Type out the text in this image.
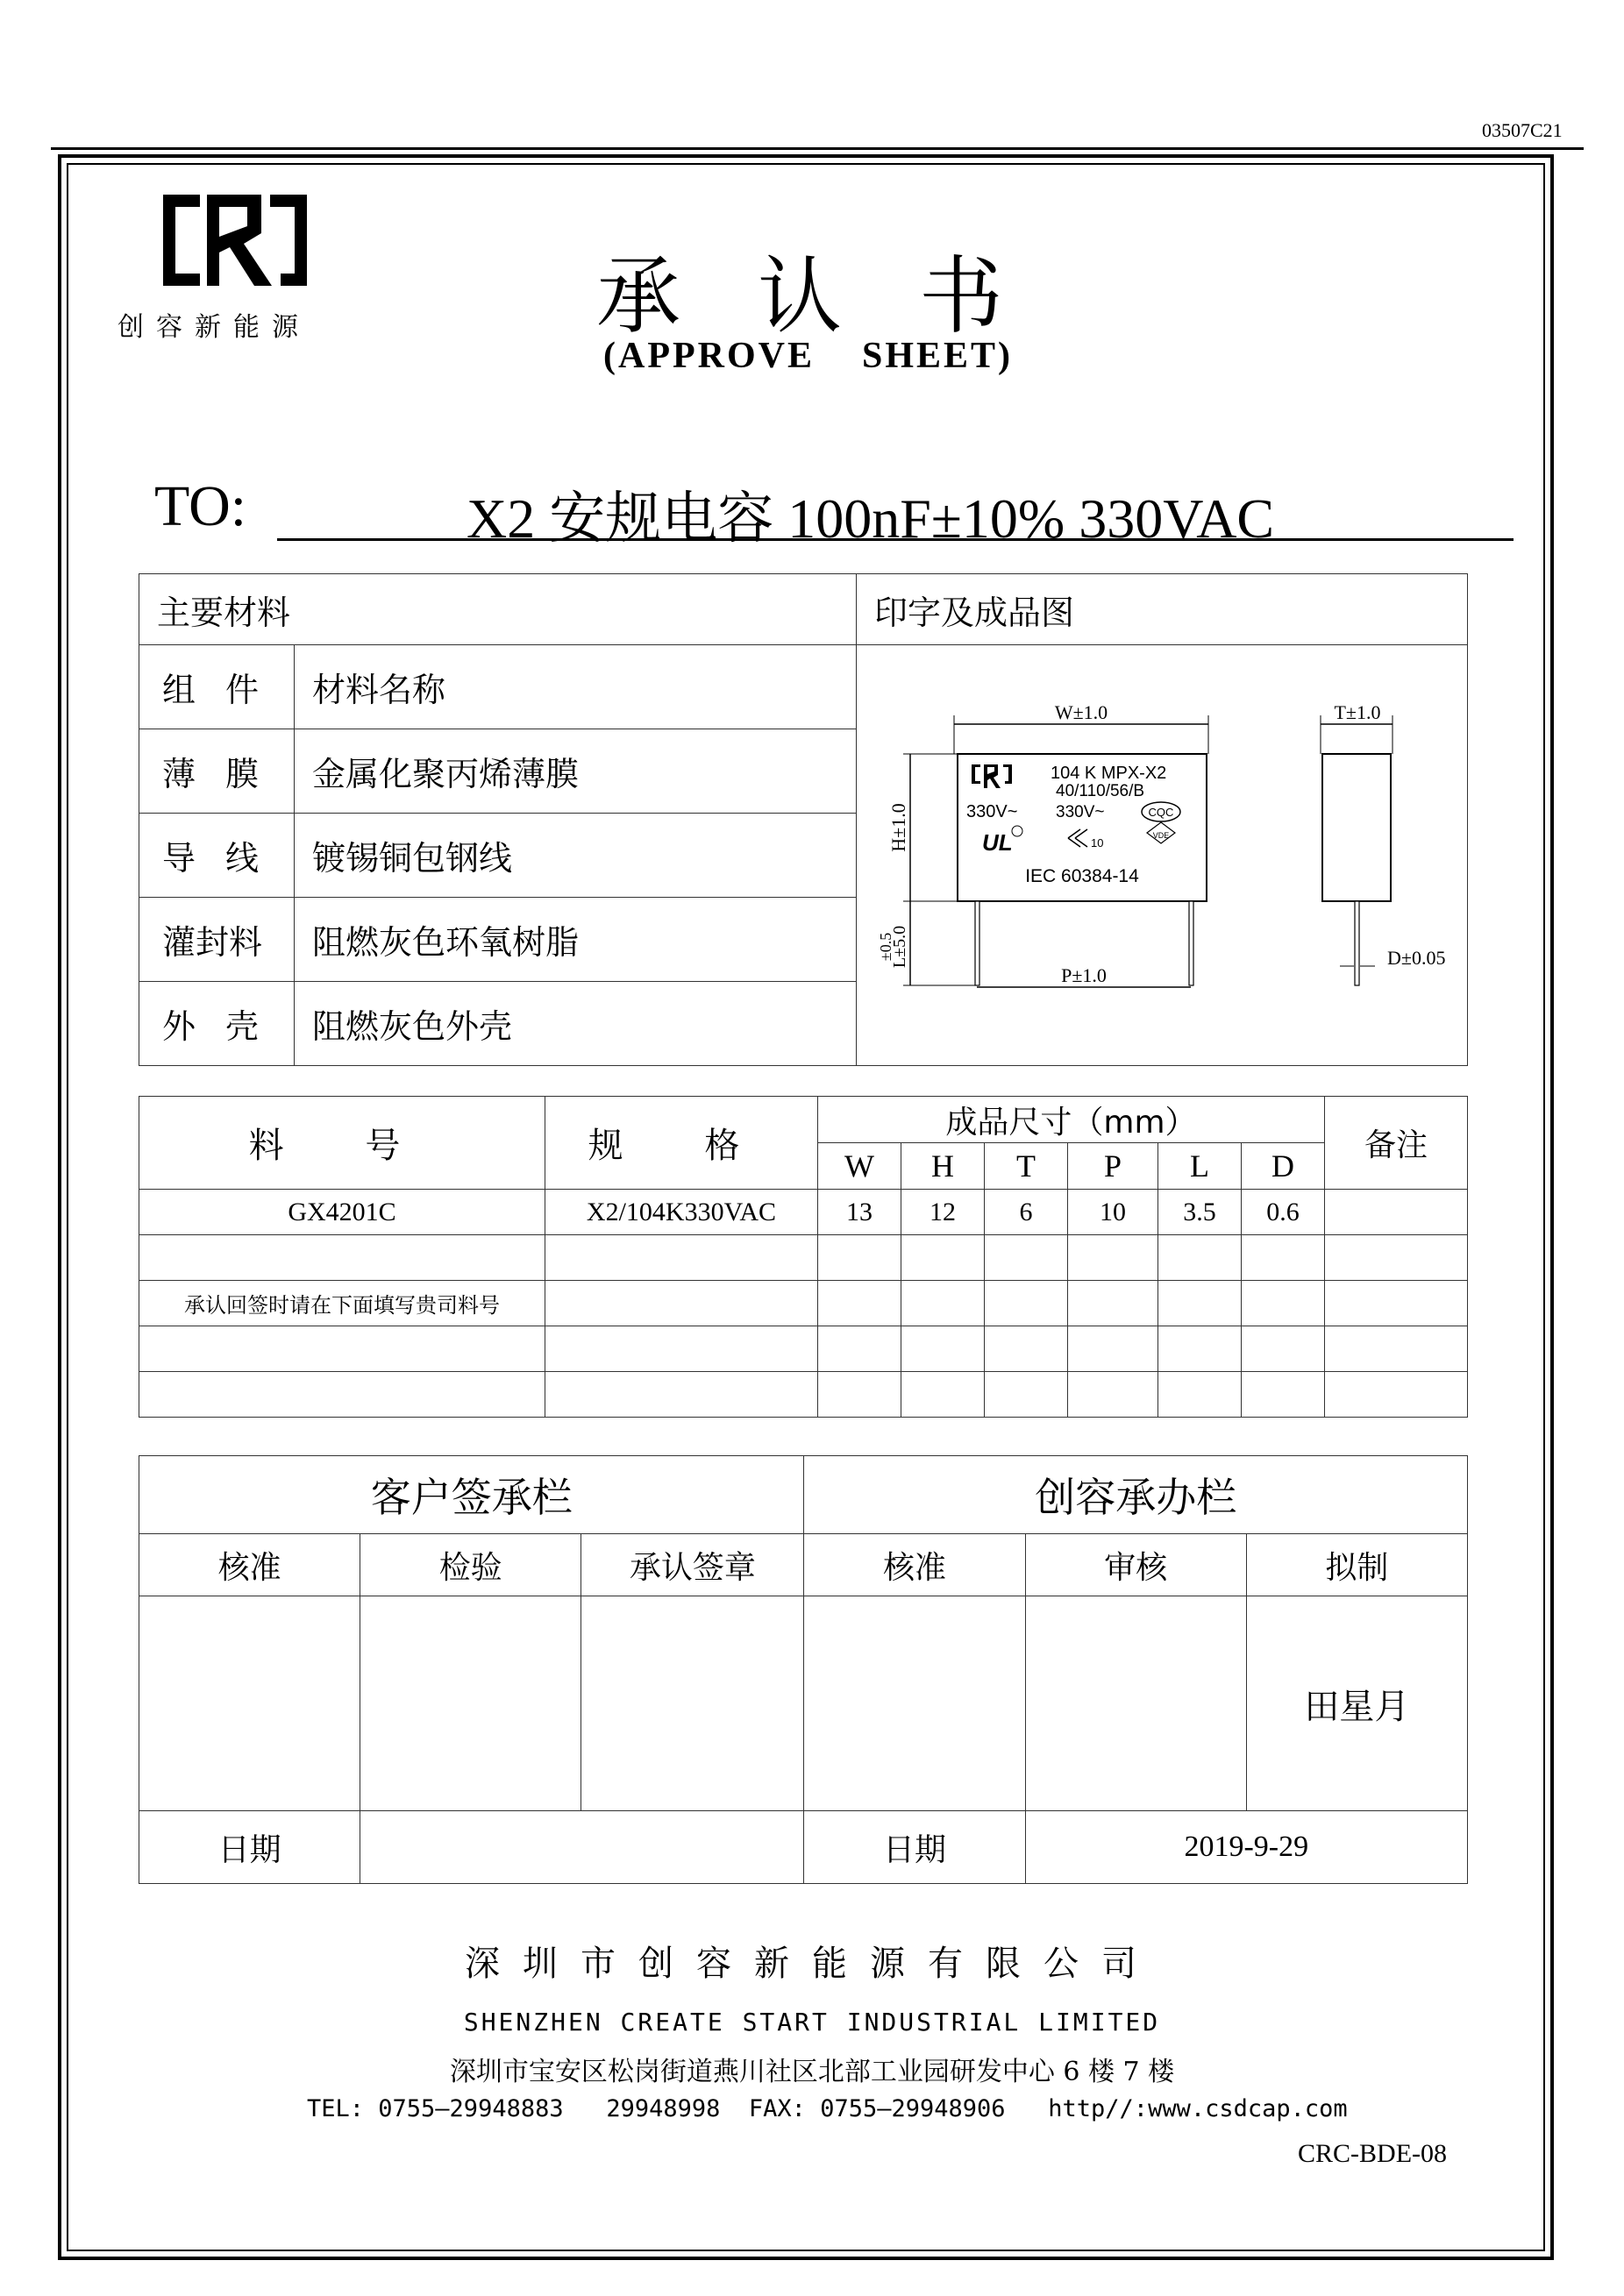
03507C21
创容新能源	承认书
(APPROVE    SHEET)
TO:	X2 安规电容 100nF±10% 330VAC
主要材料		印字及成品图

组 件	材料名称	

薄 膜	金属化聚丙烯薄膜	

导 线	镀锡铜包钢线	
灌封料	阻燃灰色环氧树脂	

外 壳	阻燃灰色外壳	
W±1.0
104 K MPX-X2
40/110/56/B
330V~ 330V~	CQC
UL	10
VDE
IEC 60384-14
H±1.0
L±5.0
±0.5
P±1.0
T±1.0
D±0.05
料 号	规 格	成品尺寸（mm）						备注
		W	H	T	P	L	D	
GX4201C	X2/104K330VAC	13	12	6	10	3.5	0.6	

承认回签时请在下面填写贵司料号								

客户签承栏			创容承办栏		
核准	检验	承认签章	核准	审核	拟制
					田星月
日期			日期	2019-9-29	
深圳市创容新能源有限公司
SHENZHEN CREATE START INDUSTRIAL LIMITED
深圳市宝安区松岗街道燕川社区北部工业园研发中心 6 楼 7 楼
TEL: 0755—29948883   29948998  FAX: 0755—29948906   http//:www.csdcap.com
CRC-BDE-08
